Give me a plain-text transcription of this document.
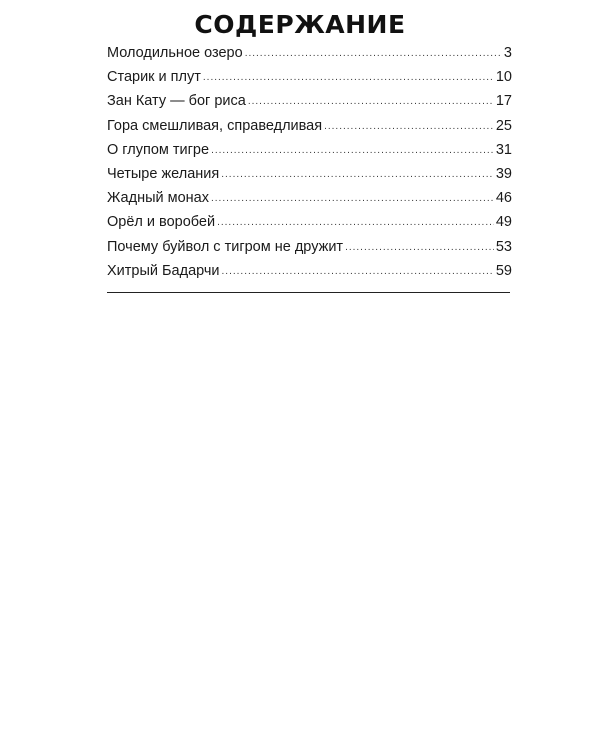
СОДЕРЖАНИЕ
Молодильное озеро .....	3
Старик и плут .....	10
Зан Кату — бог риса .....	17
Гора смешливая, справедливая .....	25
О глупом тигре .....	31
Четыре желания .....	39
Жадный монах .....	46
Орёл и воробей .....	49
Почему буйвол с тигром не дружит .....	53
Хитрый Бадарчи .....	59
